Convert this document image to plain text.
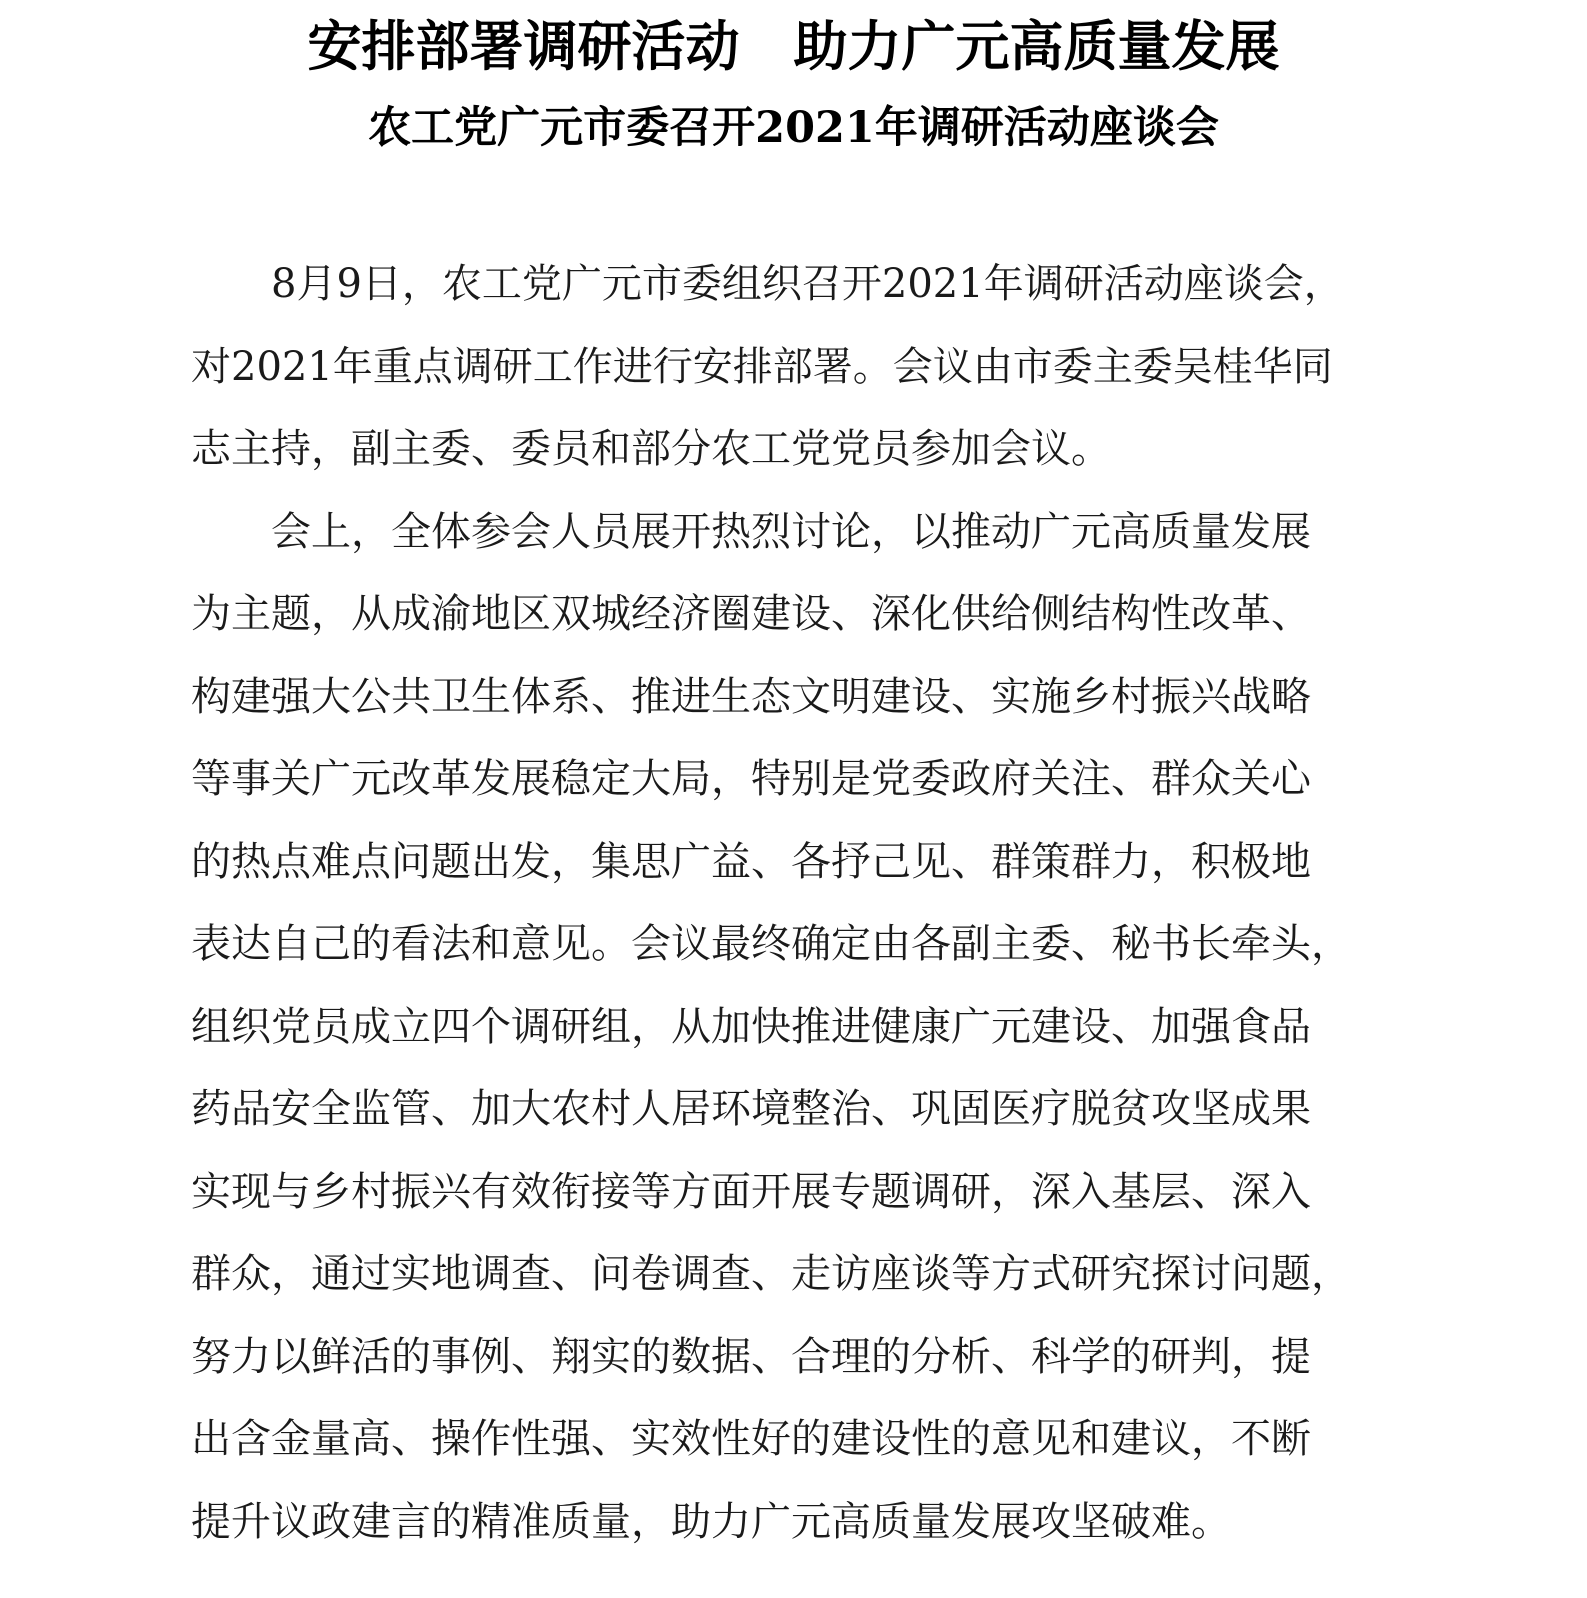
安排部署调研活动　助力广元高质量发展
农工党广元市委召开2021年调研活动座谈会
8月9日，农工党广元市委组织召开2021年调研活动座谈会，
对2021年重点调研工作进行安排部署。会议由市委主委吴桂华同
志主持，副主委、委员和部分农工党党员参加会议。
会上，全体参会人员展开热烈讨论，以推动广元高质量发展
为主题，从成渝地区双城经济圈建设、深化供给侧结构性改革、
构建强大公共卫生体系、推进生态文明建设、实施乡村振兴战略
等事关广元改革发展稳定大局，特别是党委政府关注、群众关心
的热点难点问题出发，集思广益、各抒己见、群策群力，积极地
表达自己的看法和意见。会议最终确定由各副主委、秘书长牵头，
组织党员成立四个调研组，从加快推进健康广元建设、加强食品
药品安全监管、加大农村人居环境整治、巩固医疗脱贫攻坚成果
实现与乡村振兴有效衔接等方面开展专题调研，深入基层、深入
群众，通过实地调查、问卷调查、走访座谈等方式研究探讨问题，
努力以鲜活的事例、翔实的数据、合理的分析、科学的研判，提
出含金量高、操作性强、实效性好的建设性的意见和建议，不断
提升议政建言的精准质量，助力广元高质量发展攻坚破难。
